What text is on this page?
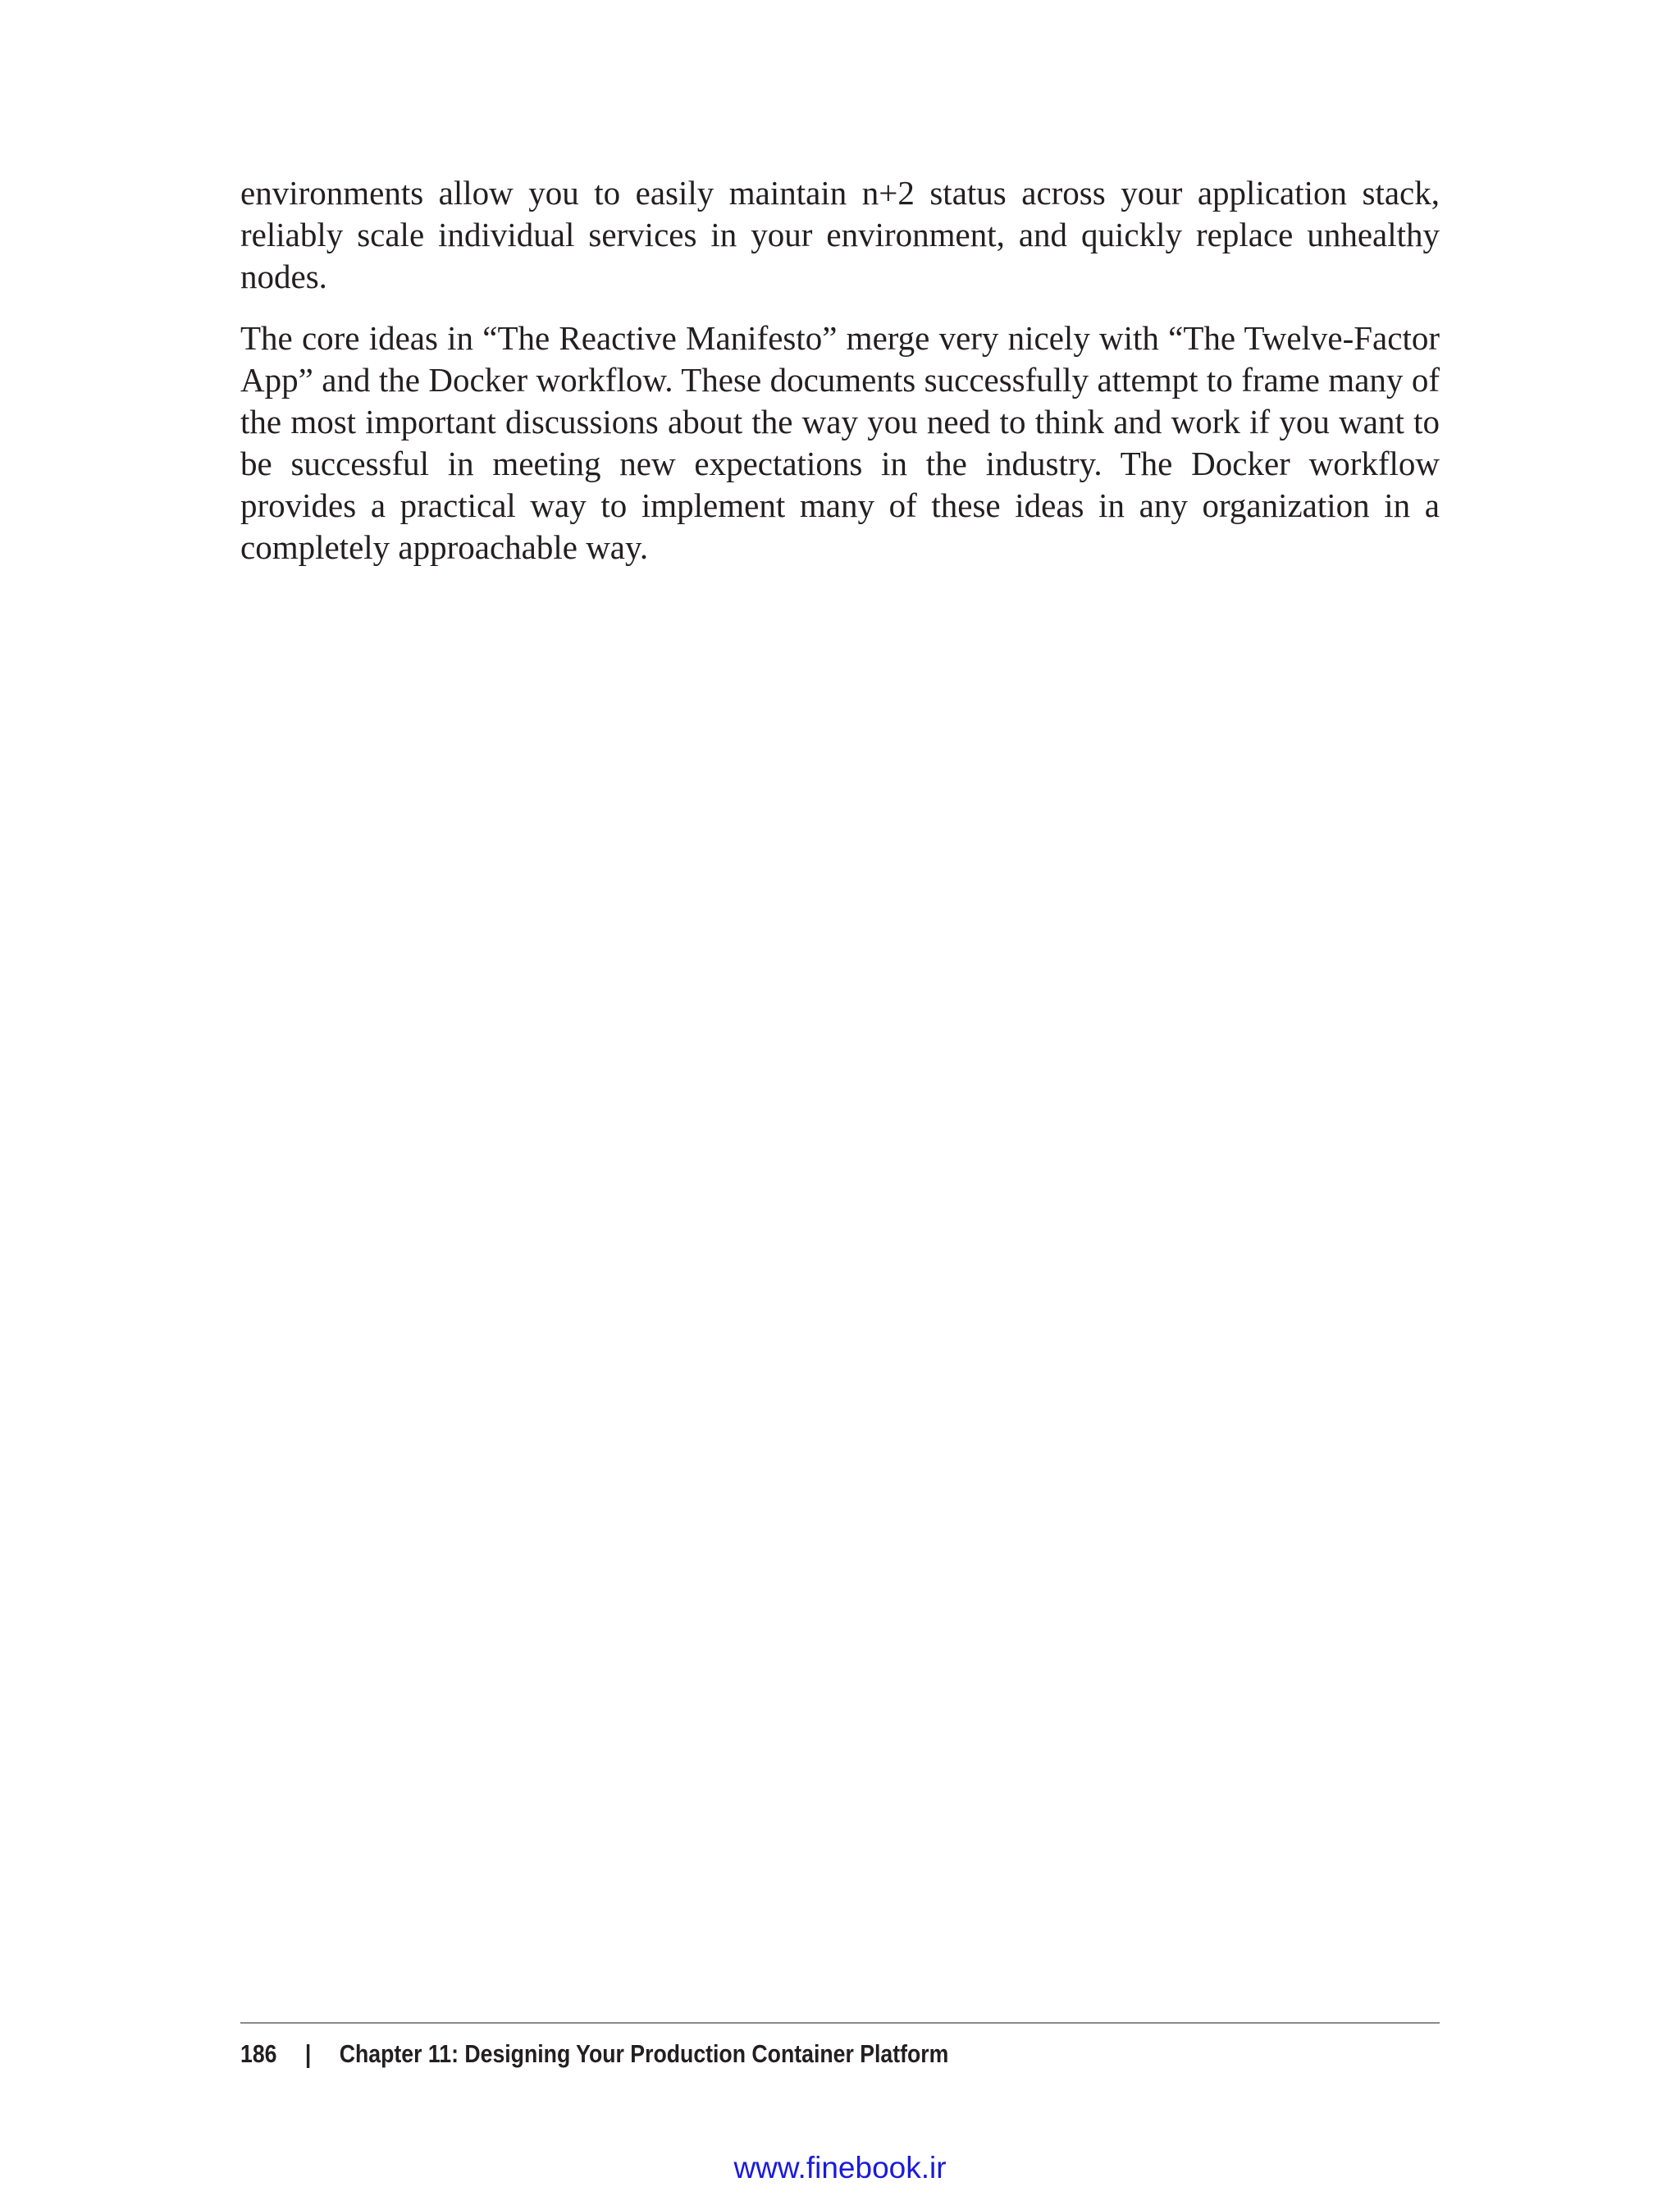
environments allow you to easily maintain n+2 status across your application stack, reliably scale individual services in your environment, and quickly replace unhealthy nodes.

The core ideas in “The Reactive Manifesto” merge very nicely with “The Twelve-Factor App” and the Docker workflow. These documents successfully attempt to frame many of the most important discussions about the way you need to think and work if you want to be successful in meeting new expectations in the industry. The Docker workflow provides a practical way to implement many of these ideas in any organization in a completely approachable way.

186 | Chapter 11: Designing Your Production Container Platform
www.finebook.ir
